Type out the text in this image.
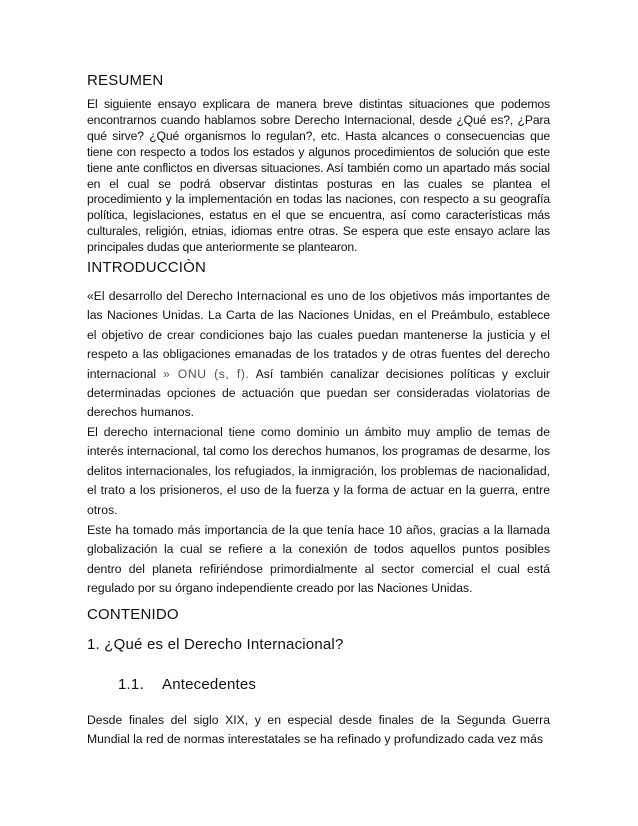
RESUMEN

El siguiente ensayo explicara de manera breve distintas situaciones que podemos encontrarnos cuando hablamos sobre Derecho Internacional, desde ¿Qué es?, ¿Para qué sirve? ¿Qué organismos lo regulan?, etc. Hasta alcances o consecuencias que tiene con respecto a todos los estados y algunos procedimientos de solución que este tiene ante conflictos en diversas situaciones. Así también como un apartado más social en el cual se podrá observar distintas posturas en las cuales se plantea el procedimiento y la implementación en todas las naciones, con respecto a su geografía política, legislaciones, estatus en el que se encuentra, así como características más culturales, religión, etnias, idiomas entre otras. Se espera que este ensayo aclare las principales dudas que anteriormente se plantearon.

INTRODUCCIÒN

«El desarrollo del Derecho Internacional es uno de los objetivos más importantes de las Naciones Unidas. La Carta de las Naciones Unidas, en el Preámbulo, establece el objetivo de crear condiciones bajo las cuales puedan mantenerse la justicia y el respeto a las obligaciones emanadas de los tratados y de otras fuentes del derecho internacional » ONU (s, f). Así también canalizar decisiones políticas y excluir determinadas opciones de actuación que puedan ser consideradas violatorias de derechos humanos.

El derecho internacional tiene como dominio un ámbito muy amplio de temas de interés internacional, tal como los derechos humanos, los programas de desarme, los delitos internacionales, los refugiados, la inmigración, los problemas de nacionalidad, el trato a los prisioneros, el uso de la fuerza y la forma de actuar en la guerra, entre otros.

Este ha tomado más importancia de la que tenía hace 10 años, gracias a la llamada globalización la cual se refiere a la conexión de todos aquellos puntos posibles dentro del planeta refiriéndose primordialmente al sector comercial el cual está regulado por su órgano independiente creado por las Naciones Unidas.

CONTENIDO
1. ¿Qué es el Derecho Internacional?
1.1. Antecedentes

Desde finales del siglo XIX, y en especial desde finales de la Segunda Guerra Mundial la red de normas interestatales se ha refinado y profundizado cada vez más
